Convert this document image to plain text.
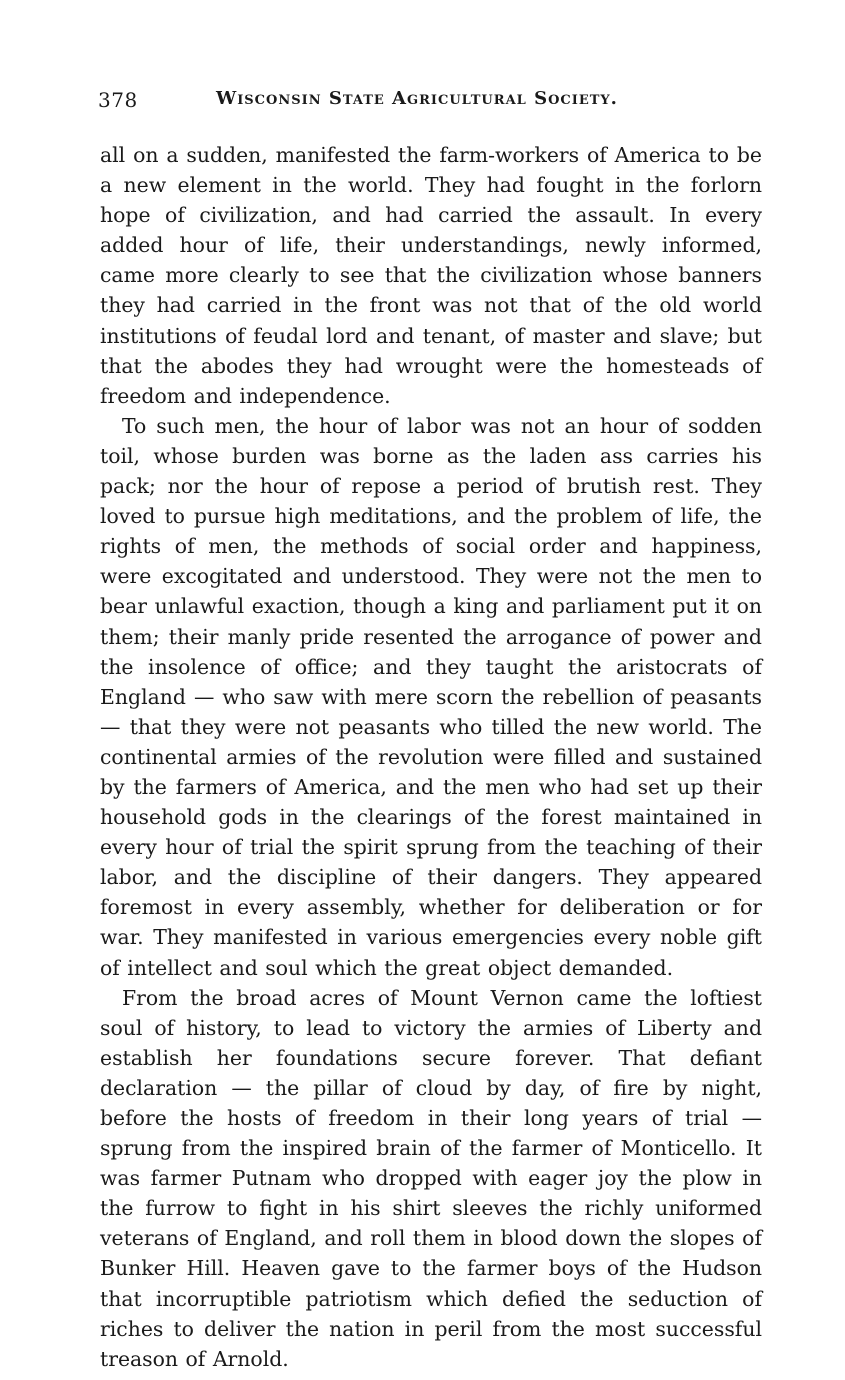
378	Wisconsin State Agricultural Society.

all on a sudden, manifested the farm-workers of America to be a new element in the world. They had fought in the forlorn hope of civilization, and had carried the assault. In every added hour of life, their understandings, newly informed, came more clearly to see that the civilization whose banners they had carried in the front was not that of the old world institutions of feudal lord and tenant, of master and slave; but that the abodes they had wrought were the homesteads of freedom and independence.

To such men, the hour of labor was not an hour of sodden toil, whose burden was borne as the laden ass carries his pack; nor the hour of repose a period of brutish rest. They loved to pursue high meditations, and the problem of life, the rights of men, the methods of social order and happiness, were excogitated and understood. They were not the men to bear unlawful exaction, though a king and parliament put it on them; their manly pride resented the arrogance of power and the insolence of office; and they taught the aristocrats of England — who saw with mere scorn the rebellion of peasants — that they were not peasants who tilled the new world. The continental armies of the revolution were filled and sustained by the farmers of America, and the men who had set up their household gods in the clearings of the forest maintained in every hour of trial the spirit sprung from the teaching of their labor, and the discipline of their dangers. They appeared foremost in every assembly, whether for deliberation or for war. They manifested in various emergencies every noble gift of intellect and soul which the great object demanded.

From the broad acres of Mount Vernon came the loftiest soul of history, to lead to victory the armies of Liberty and establish her foundations secure forever. That defiant declaration — the pillar of cloud by day, of fire by night, before the hosts of freedom in their long years of trial — sprung from the inspired brain of the farmer of Monticello. It was farmer Putnam who dropped with eager joy the plow in the furrow to fight in his shirt sleeves the richly uniformed veterans of England, and roll them in blood down the slopes of Bunker Hill. Heaven gave to the farmer boys of the Hudson that incorruptible patriotism which defied the seduction of riches to deliver the nation in peril from the most successful treason of Arnold.
